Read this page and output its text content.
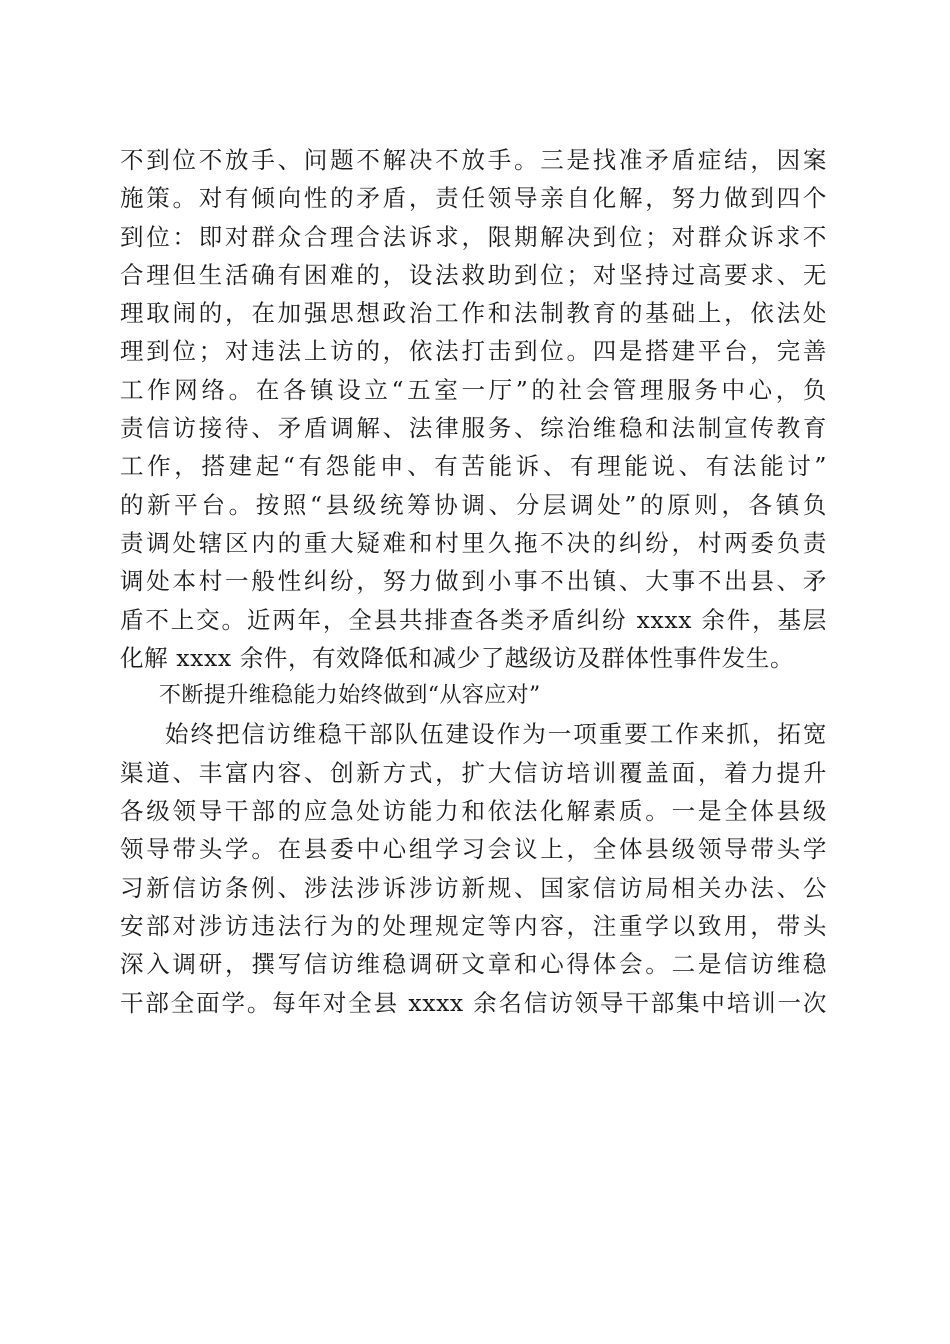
不到位不放手、问题不解决不放手。三是找准矛盾症结，因案
施策。对有倾向性的矛盾，责任领导亲自化解，努力做到四个
到位：即对群众合理合法诉求，限期解决到位；对群众诉求不
合理但生活确有困难的，设法救助到位；对坚持过高要求、无
理取闹的，在加强思想政治工作和法制教育的基础上，依法处
理到位；对违法上访的，依法打击到位。四是搭建平台，完善
工作网络。在各镇设立“五室一厅”的社会管理服务中心，负
责信访接待、矛盾调解、法律服务、综治维稳和法制宣传教育
工作，搭建起“有怨能申、有苦能诉、有理能说、有法能讨”
的新平台。按照“县级统筹协调、分层调处”的原则，各镇负
责调处辖区内的重大疑难和村里久拖不决的纠纷，村两委负责
调处本村一般性纠纷，努力做到小事不出镇、大事不出县、矛
盾不上交。近两年，全县共排查各类矛盾纠纷 xxxx 余件，基层
化解 xxxx 余件，有效降低和减少了越级访及群体性事件发生。
不断提升维稳能力始终做到“从容应对”
始终把信访维稳干部队伍建设作为一项重要工作来抓，拓宽
渠道、丰富内容、创新方式，扩大信访培训覆盖面，着力提升
各级领导干部的应急处访能力和依法化解素质。一是全体县级
领导带头学。在县委中心组学习会议上，全体县级领导带头学
习新信访条例、涉法涉诉涉访新规、国家信访局相关办法、公
安部对涉访违法行为的处理规定等内容，注重学以致用，带头
深入调研，撰写信访维稳调研文章和心得体会。二是信访维稳
干部全面学。每年对全县 xxxx 余名信访领导干部集中培训一次
